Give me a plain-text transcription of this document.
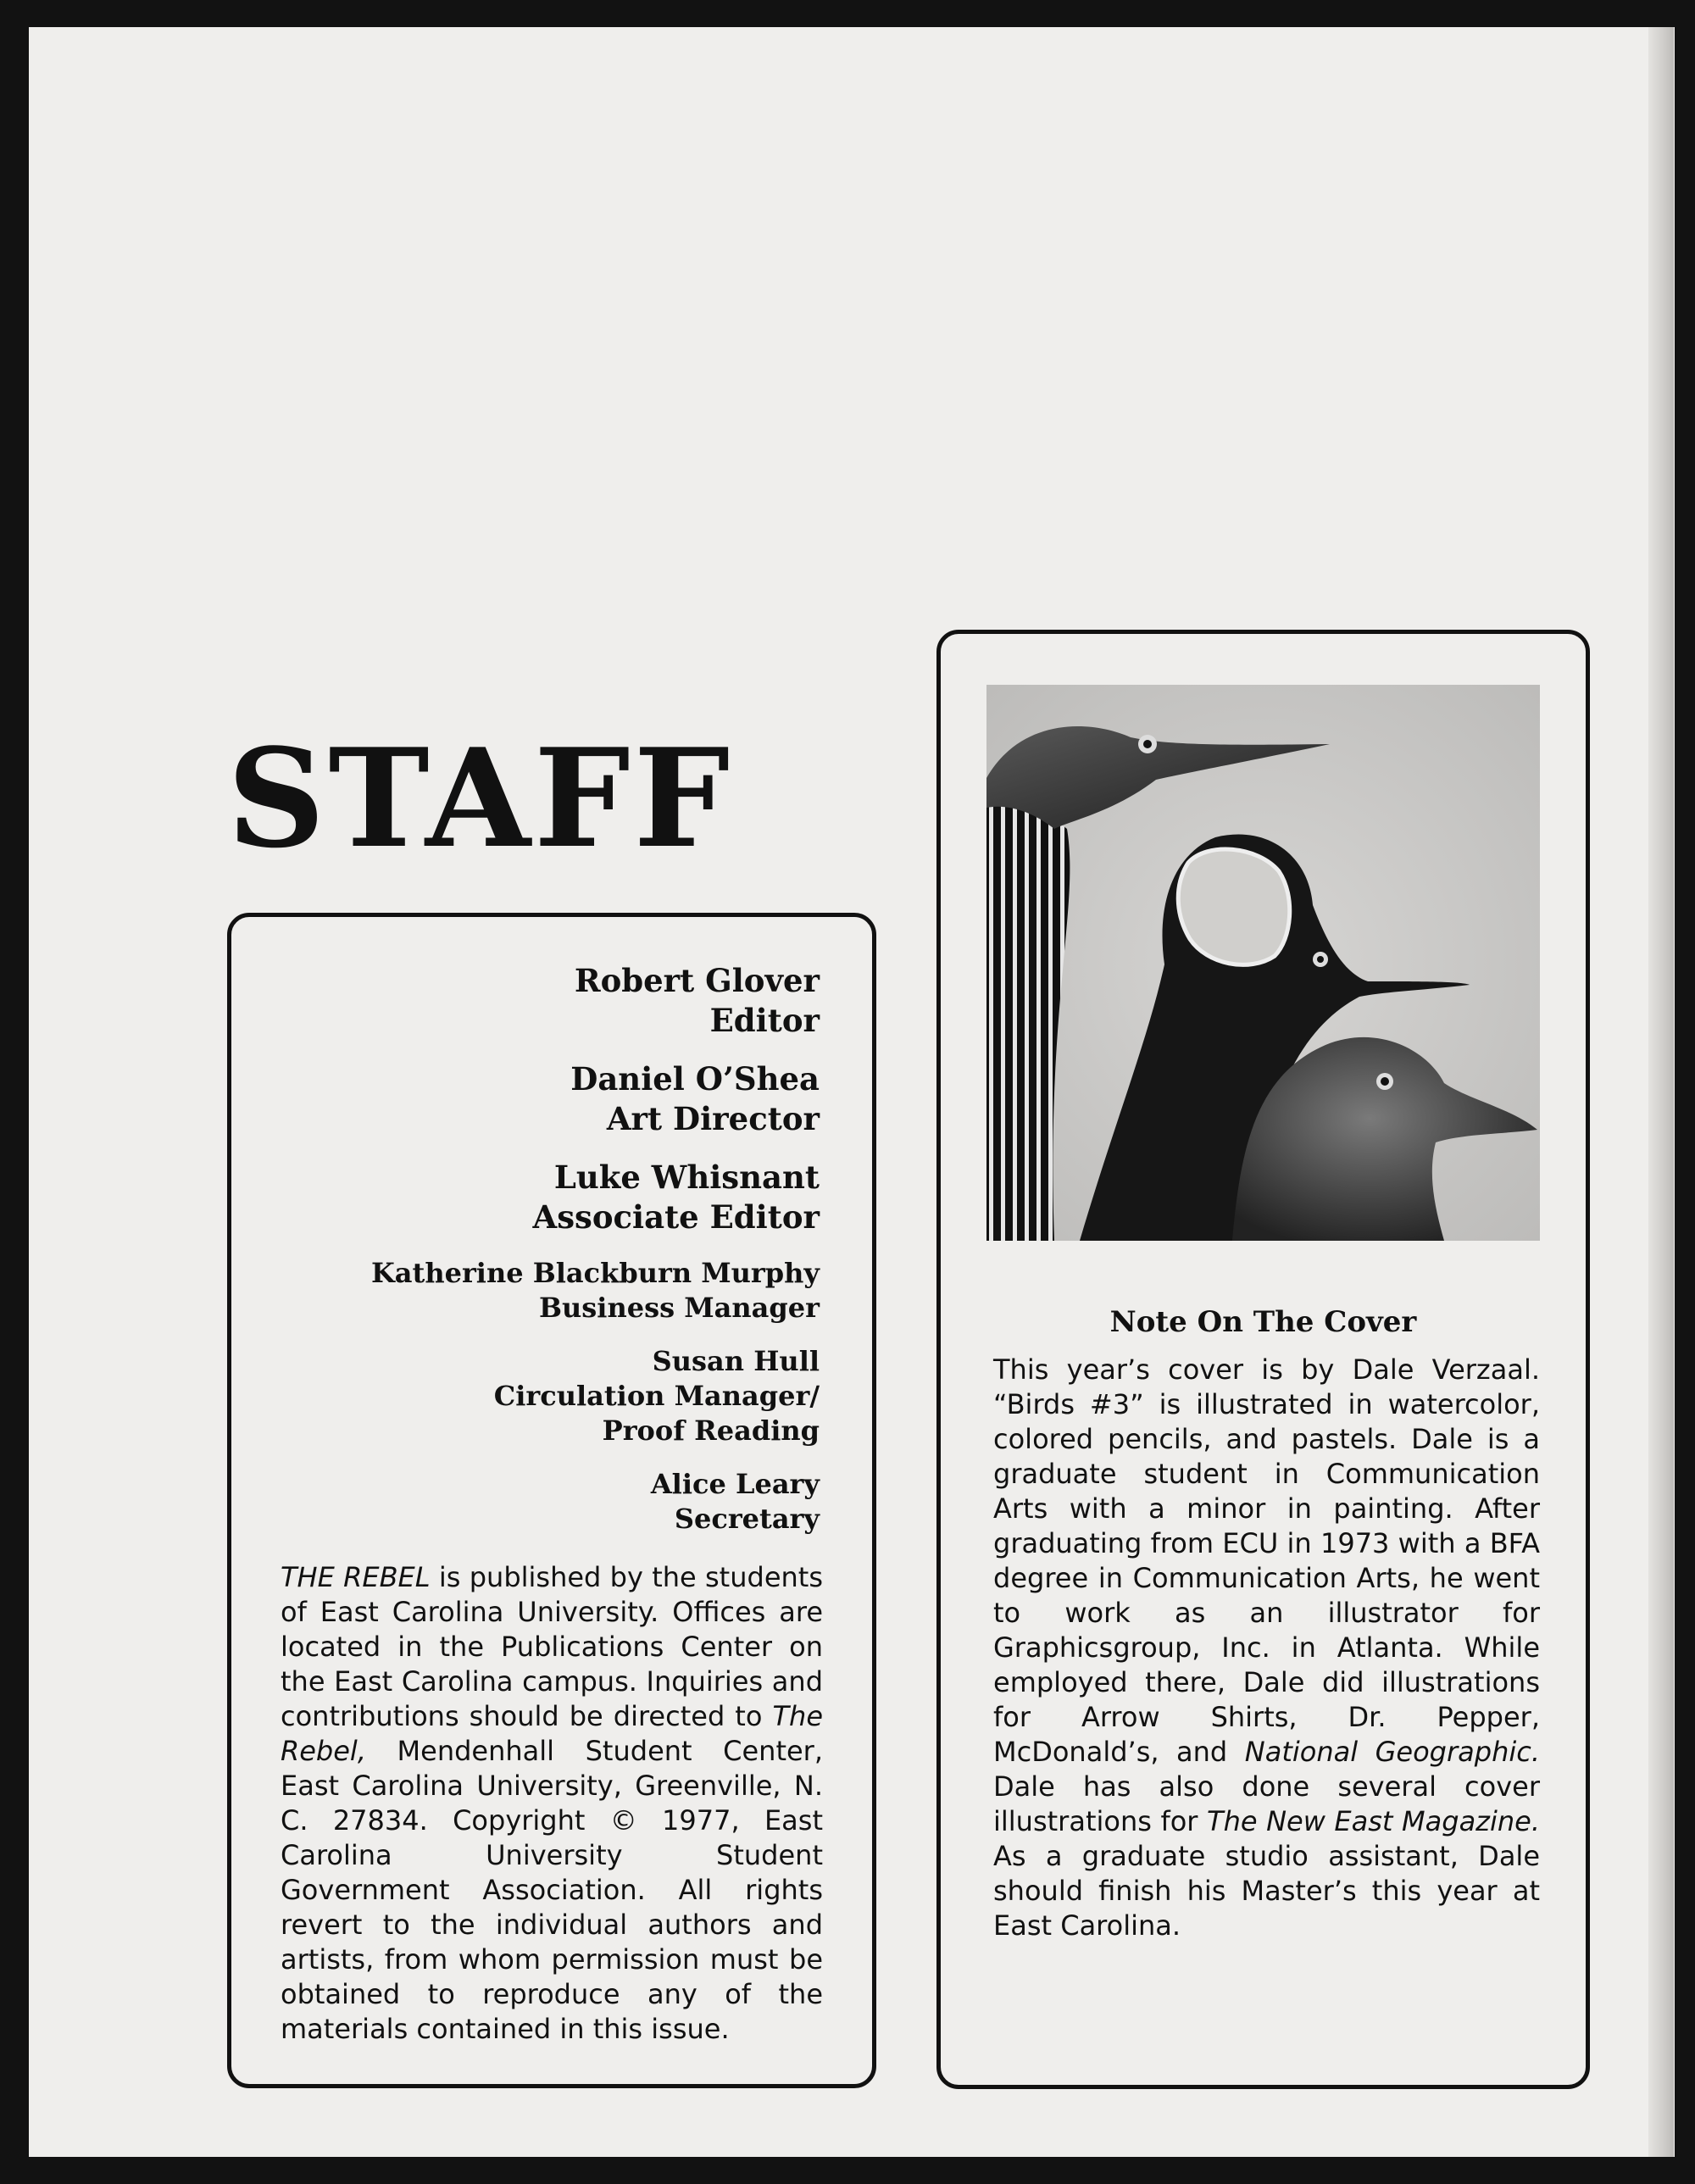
STAFF
Robert Glover
Editor
Daniel O’Shea
Art Director
Luke Whisnant
Associate Editor
Katherine Blackburn Murphy
Business Manager
Susan Hull
Circulation Manager/
Proof Reading
Alice Leary
Secretary

THE REBEL is published by the students of East Carolina University. Offices are located in the Publications Center on the East Carolina campus. Inquiries and contributions should be directed to The Rebel, Mendenhall Student Center, East Carolina University, Greenville, N. C. 27834. Copyright © 1977, East Carolina University Student Government Association. All rights revert to the individual authors and artists, from whom permission must be obtained to reproduce any of the materials contained in this issue.

Note On The Cover

This year’s cover is by Dale Verzaal. “Birds #3” is illustrated in watercolor, colored pencils, and pastels. Dale is a graduate student in Communication Arts with a minor in painting. After graduating from ECU in 1973 with a BFA degree in Communication Arts, he went to work as an illustrator for Graphicsgroup, Inc. in Atlanta. While employed there, Dale did illustrations for Arrow Shirts, Dr. Pepper, McDonald’s, and National Geographic. Dale has also done several cover illustrations for The New East Magazine. As a graduate studio assistant, Dale should finish his Master’s this year at East Carolina.
